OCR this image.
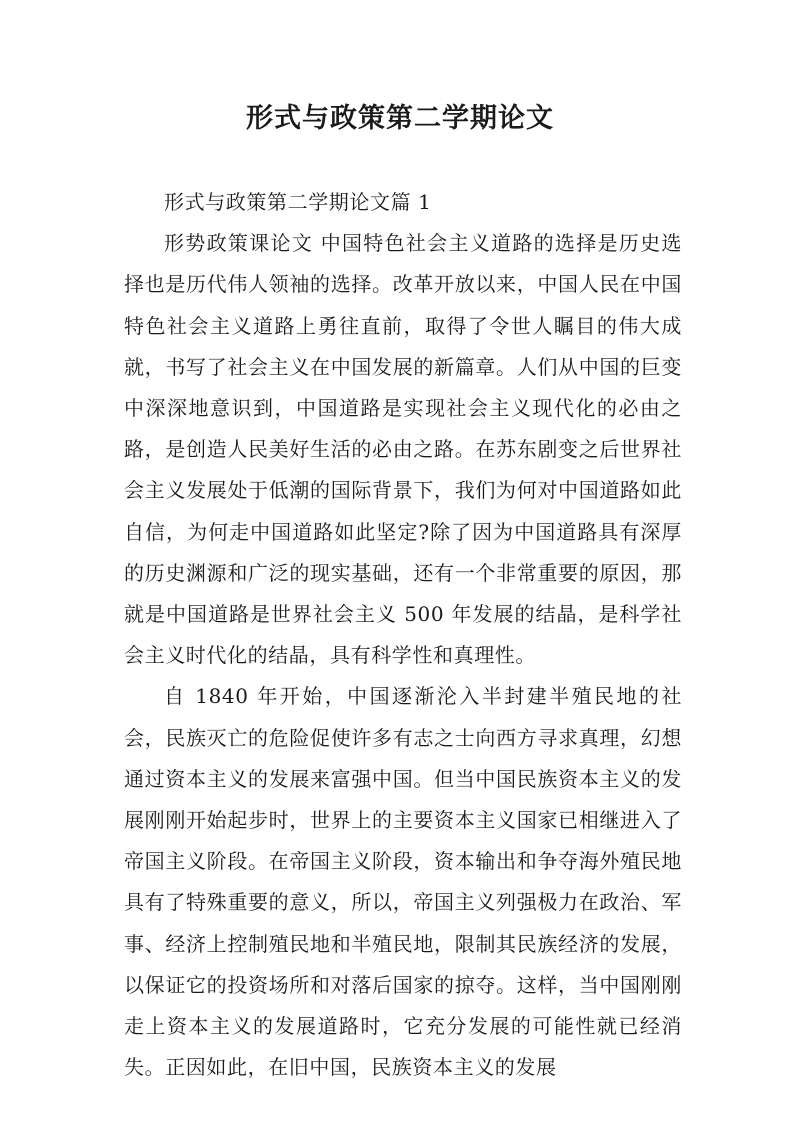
形式与政策第二学期论文

形式与政策第二学期论文篇 1

形势政策课论文 中国特色社会主义道路的选择是历史选择也是历代伟人领袖的选择。改革开放以来，中国人民在中国特色社会主义道路上勇往直前，取得了令世人瞩目的伟大成就，书写了社会主义在中国发展的新篇章。人们从中国的巨变中深深地意识到，中国道路是实现社会主义现代化的必由之路，是创造人民美好生活的必由之路。在苏东剧变之后世界社会主义发展处于低潮的国际背景下，我们为何对中国道路如此自信，为何走中国道路如此坚定?除了因为中国道路具有深厚的历史渊源和广泛的现实基础，还有一个非常重要的原因，那就是中国道路是世界社会主义 500 年发展的结晶，是科学社会主义时代化的结晶，具有科学性和真理性。

自 1840 年开始，中国逐渐沦入半封建半殖民地的社会，民族灭亡的危险促使许多有志之士向西方寻求真理，幻想通过资本主义的发展来富强中国。但当中国民族资本主义的发展刚刚开始起步时，世界上的主要资本主义国家已相继进入了帝国主义阶段。在帝国主义阶段，资本输出和争夺海外殖民地具有了特殊重要的意义，所以，帝国主义列强极力在政治、军事、经济上控制殖民地和半殖民地，限制其民族经济的发展，以保证它的投资场所和对落后国家的掠夺。这样，当中国刚刚走上资本主义的发展道路时，它充分发展的可能性就已经消失。正因如此，在旧中国，民族资本主义的发展
